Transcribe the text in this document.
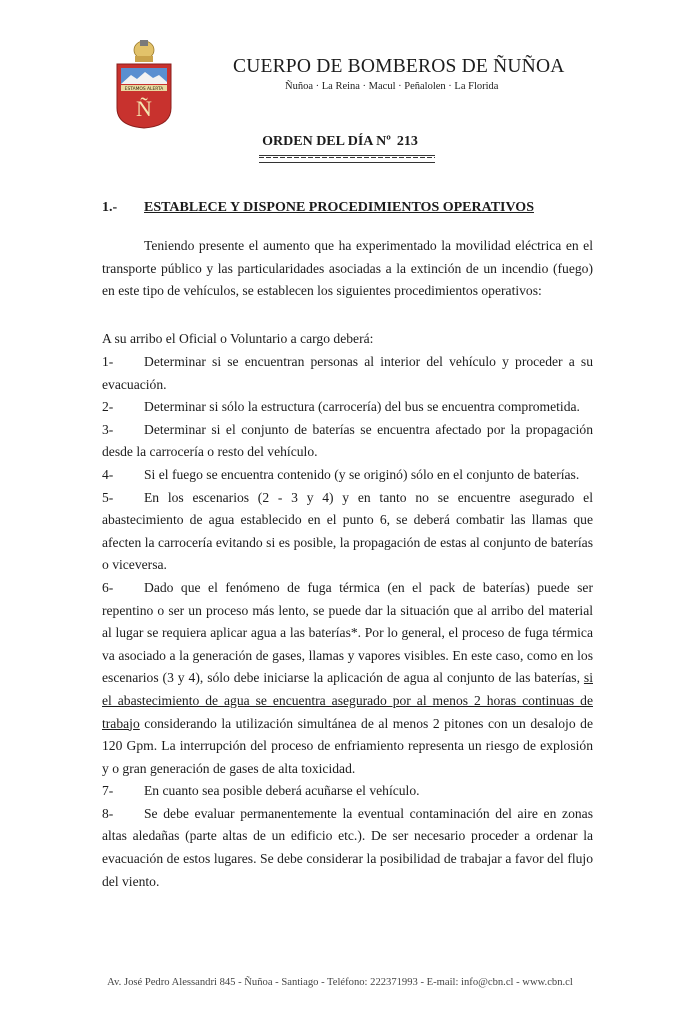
ESTAMOS ALERTA
Ñ
CUERPO DE BOMBEROS DE ÑUÑOA
Ñuñoa · La Reina · Macul · Peñalolen · La Florida
ORDEN DEL DÍA Nº 213
1.- ESTABLECE Y DISPONE PROCEDIMIENTOS OPERATIVOS
Teniendo presente el aumento que ha experimentado la movilidad eléctrica en el transporte público y las particularidades asociadas a la extinción de un incendio (fuego) en este tipo de vehículos, se establecen los siguientes procedimientos operativos:
A su arribo el Oficial o Voluntario a cargo deberá:

1- Determinar si se encuentran personas al interior del vehículo y proceder a su evacuación.

2- Determinar si sólo la estructura (carrocería) del bus se encuentra comprometida.

3- Determinar si el conjunto de baterías se encuentra afectado por la propagación desde la carrocería o resto del vehículo.

4- Si el fuego se encuentra contenido (y se originó) sólo en el conjunto de baterías.

5- En los escenarios (2 - 3 y 4) y en tanto no se encuentre asegurado el abastecimiento de agua establecido en el punto 6, se deberá combatir las llamas que afecten la carrocería evitando si es posible, la propagación de estas al conjunto de baterías o viceversa.

6- Dado que el fenómeno de fuga térmica (en el pack de baterías) puede ser repentino o ser un proceso más lento, se puede dar la situación que al arribo del material al lugar se requiera aplicar agua a las baterías*. Por lo general, el proceso de fuga térmica va asociado a la generación de gases, llamas y vapores visibles. En este caso, como en los escenarios (3 y 4), sólo debe iniciarse la aplicación de agua al conjunto de las baterías, si el abastecimiento de agua se encuentra asegurado por al menos 2 horas continuas de trabajo considerando la utilización simultánea de al menos 2 pitones con un desalojo de 120 Gpm. La interrupción del proceso de enfriamiento representa un riesgo de explosión y o gran generación de gases de alta toxicidad.

7- En cuanto sea posible deberá acuñarse el vehículo.

8- Se debe evaluar permanentemente la eventual contaminación del aire en zonas altas aledañas (parte altas de un edificio etc.). De ser necesario proceder a ordenar la evacuación de estos lugares. Se debe considerar la posibilidad de trabajar a favor del flujo del viento.

Av. José Pedro Alessandri 845 - Ñuñoa - Santiago - Teléfono: 222371993 - E-mail: info@cbn.cl - www.cbn.cl
